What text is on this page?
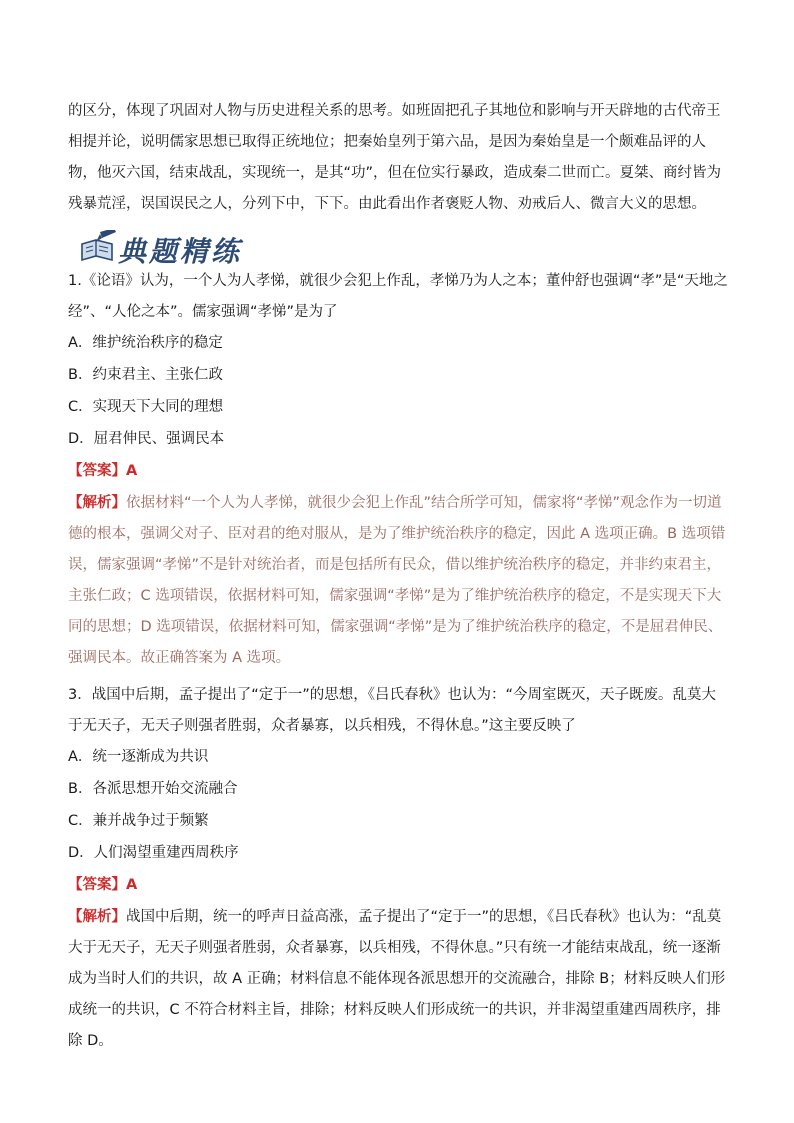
的区分，体现了巩固对人物与历史进程关系的思考。如班固把孔子其地位和影响与开天辟地的古代帝王相提并论，说明儒家思想已取得正统地位；把秦始皇列于第六品，是因为秦始皇是一个颇难品评的人物，他灭六国，结束战乱，实现统一，是其“功”，但在位实行暴政，造成秦二世而亡。夏桀、商纣皆为残暴荒淫，误国误民之人，分列下中，下下。由此看出作者褒贬人物、劝戒后人、微言大义的思想。

典题精练

1.《论语》认为，一个人为人孝悌，就很少会犯上作乱，孝悌乃为人之本；董仲舒也强调“孝”是“天地之经”、“人伦之本”。儒家强调“孝悌”是为了

A．维护统治秩序的稳定

B．约束君主、主张仁政

C．实现天下大同的理想

D．屈君伸民、强调民本

【答案】A

【解析】依据材料“一个人为人孝悌，就很少会犯上作乱”结合所学可知，儒家将“孝悌”观念作为一切道德的根本，强调父对子、臣对君的绝对服从，是为了维护统治秩序的稳定，因此 A 选项正确。B 选项错误，儒家强调“孝悌”不是针对统治者，而是包括所有民众，借以维护统治秩序的稳定，并非约束君主，主张仁政；C 选项错误，依据材料可知，儒家强调“孝悌”是为了维护统治秩序的稳定，不是实现天下大同的思想；D 选项错误，依据材料可知，儒家强调“孝悌”是为了维护统治秩序的稳定，不是屈君伸民、强调民本。故正确答案为 A 选项。

3．战国中后期，孟子提出了“定于一”的思想，《吕氏春秋》也认为：“今周室既灭，天子既废。乱莫大于无天子，无天子则强者胜弱，众者暴寡，以兵相残，不得休息。”这主要反映了

A．统一逐渐成为共识

B．各派思想开始交流融合

C．兼并战争过于频繁

D．人们渴望重建西周秩序

【答案】A

【解析】战国中后期，统一的呼声日益高涨，孟子提出了“定于一”的思想，《吕氏春秋》也认为：“乱莫大于无天子，无天子则强者胜弱，众者暴寡，以兵相残，不得休息。”只有统一才能结束战乱，统一逐渐成为当时人们的共识，故 A 正确；材料信息不能体现各派思想开的交流融合，排除 B；材料反映人们形成统一的共识，C 不符合材料主旨，排除；材料反映人们形成统一的共识，并非渴望重建西周秩序，排除 D。
